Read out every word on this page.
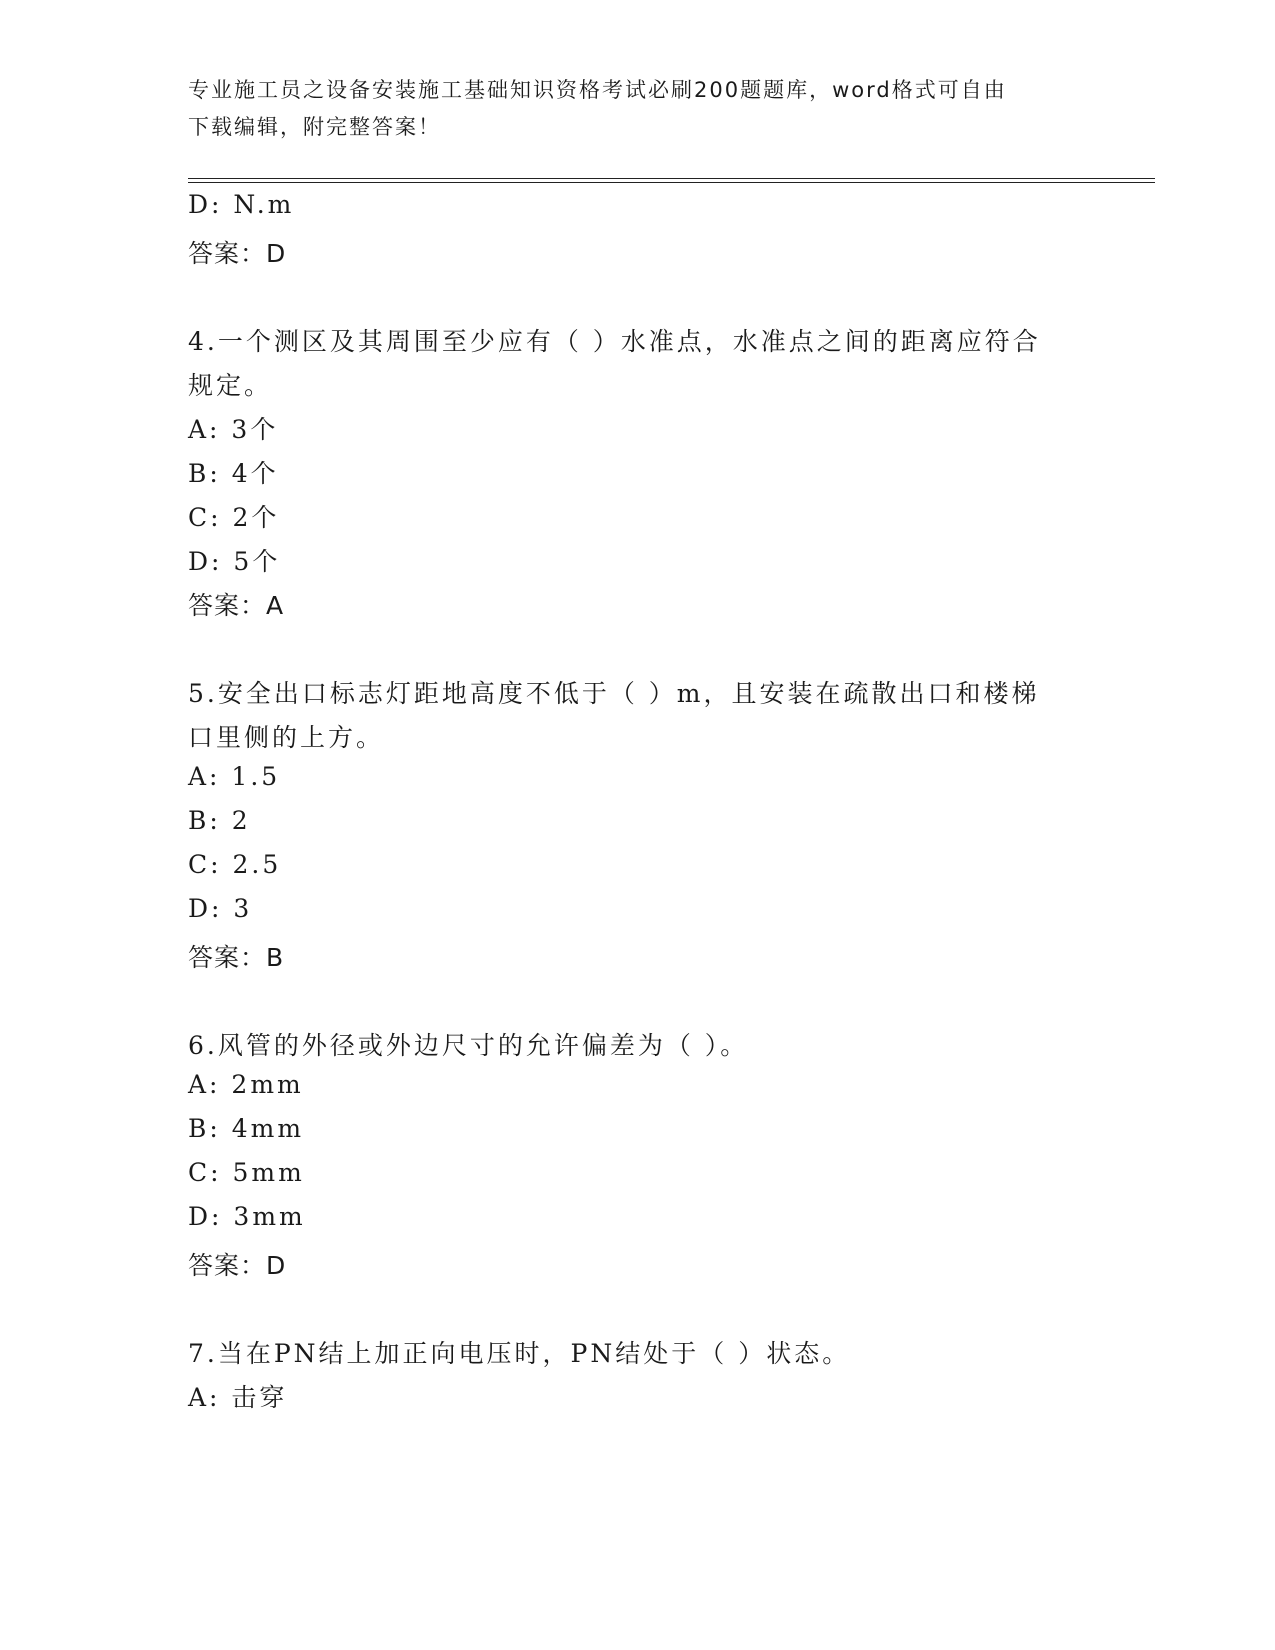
专业施工员之设备安装施工基础知识资格考试必刷200题题库，word格式可自由
下载编辑，附完整答案！
D: N.m
答案：D
4.一个测区及其周围至少应有（ ）水准点，水准点之间的距离应符合
规定。
A: 3个
B: 4个
C: 2个
D: 5个
答案：A
5.安全出口标志灯距地高度不低于（ ）m，且安装在疏散出口和楼梯
口里侧的上方。
A: 1.5
B: 2
C: 2.5
D: 3
答案：B
6.风管的外径或外边尺寸的允许偏差为（ ）。
A: 2mm
B: 4mm
C: 5mm
D: 3mm
答案：D
7.当在PN结上加正向电压时，PN结处于（ ）状态。
A: 击穿
